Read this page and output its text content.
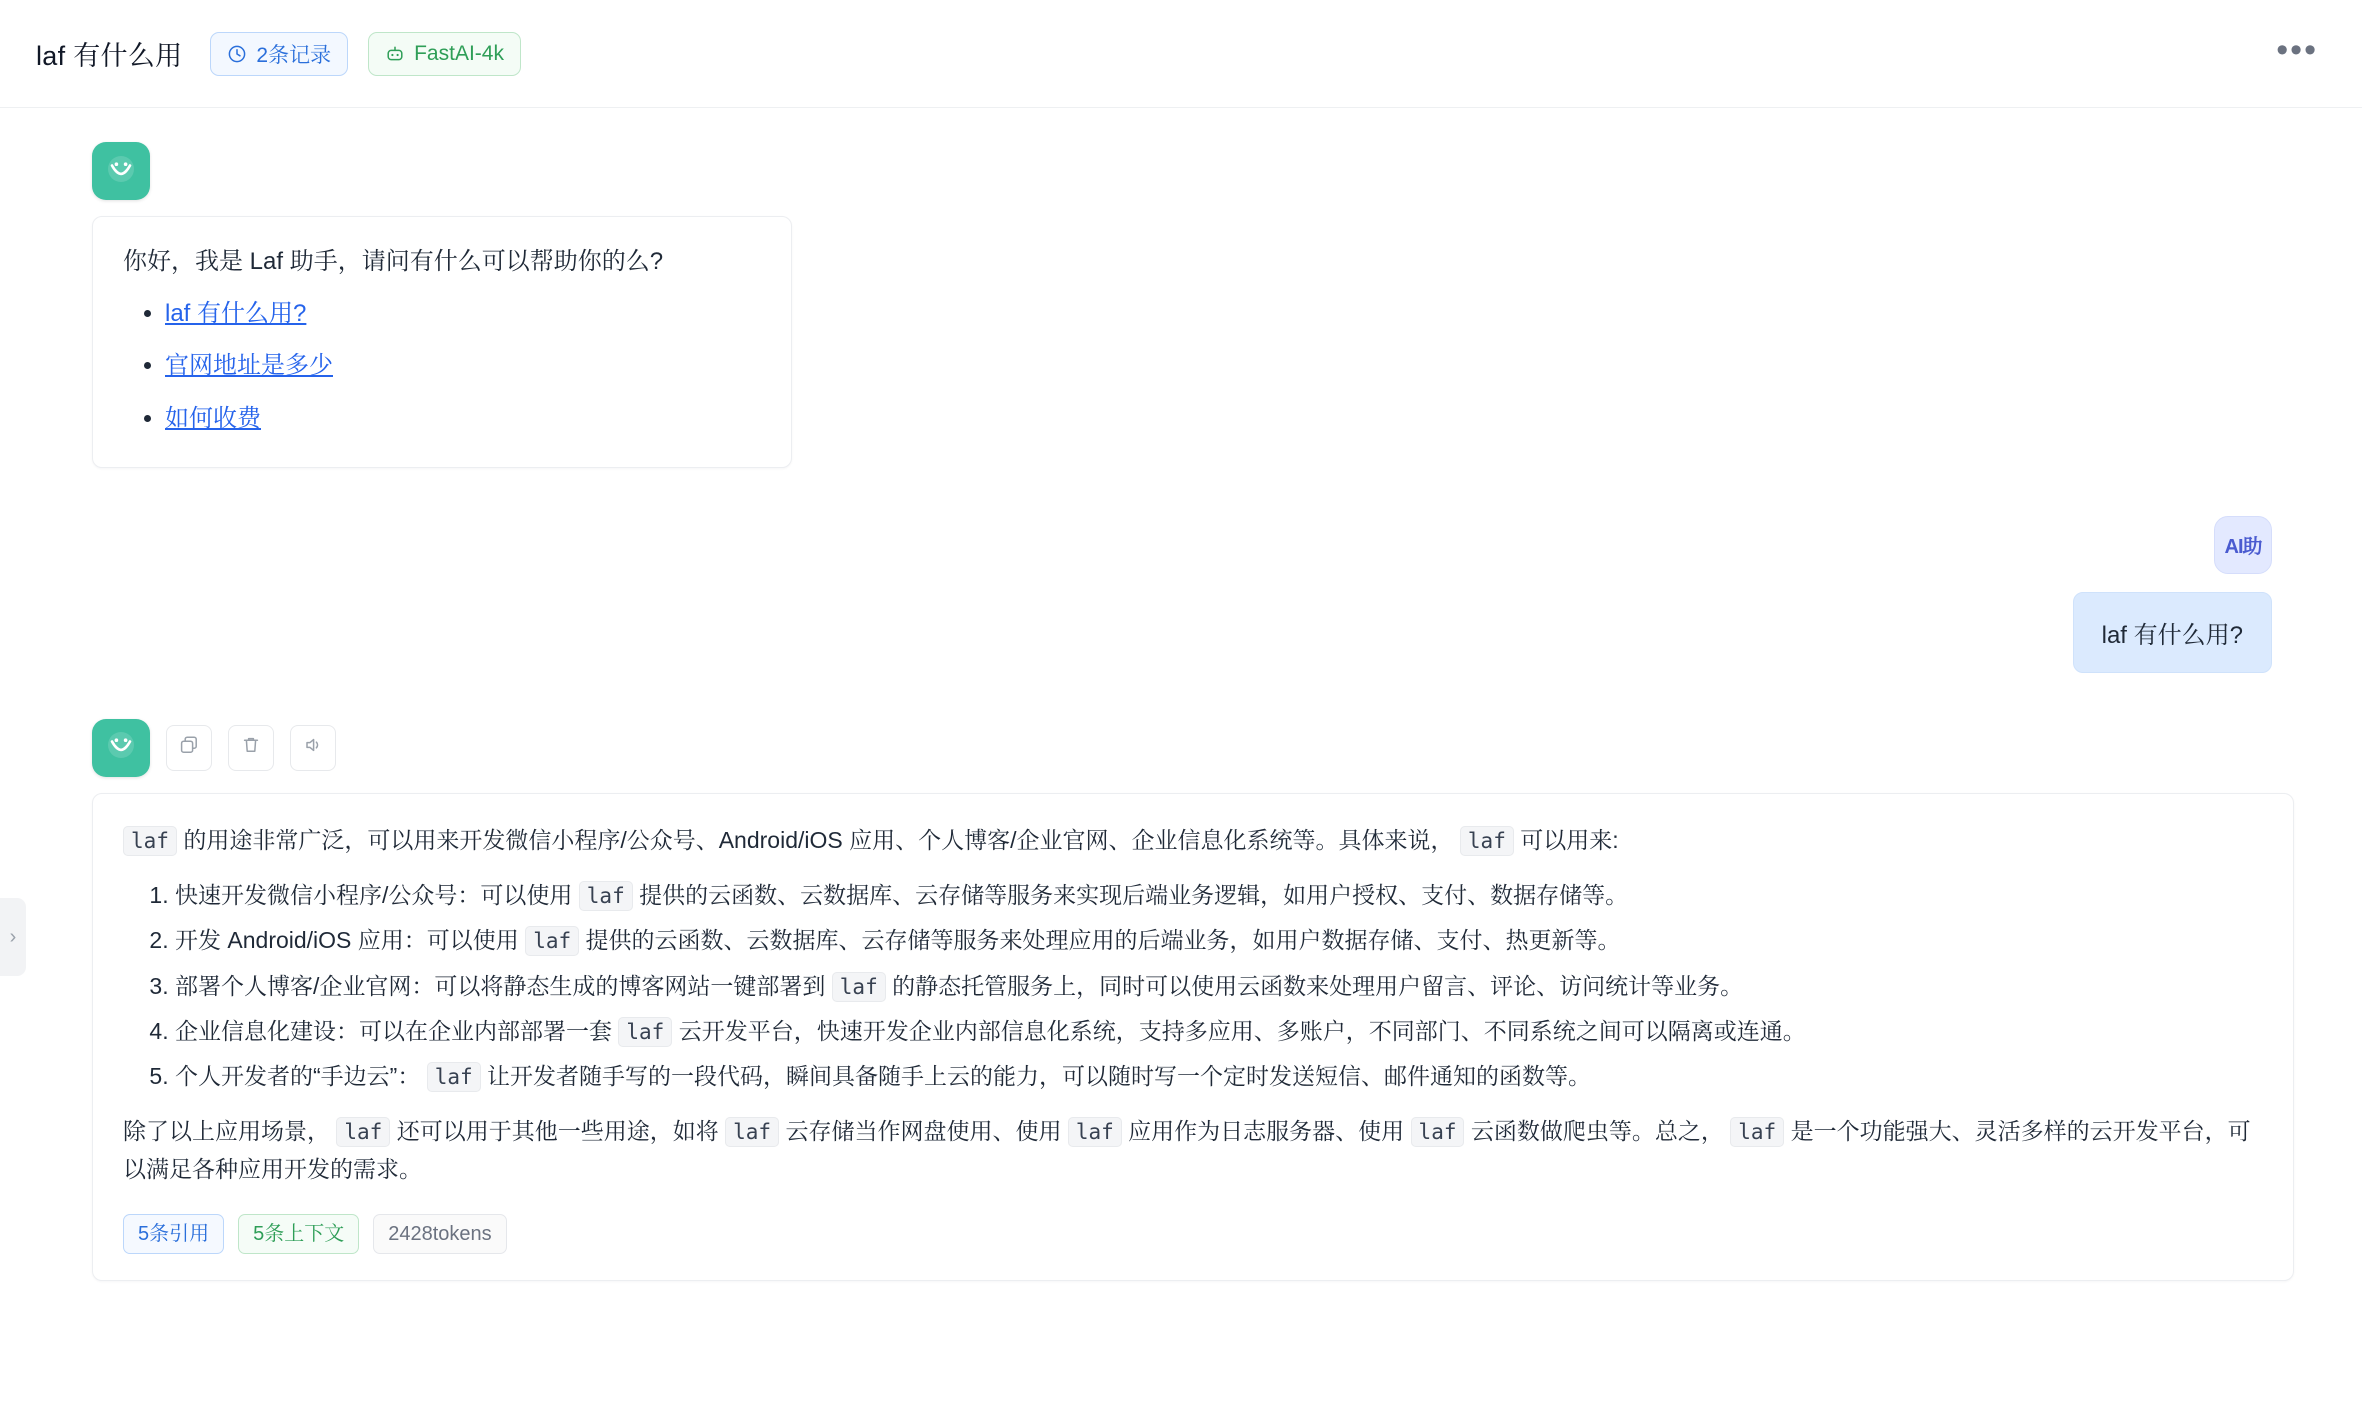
laf 有什么用	2条记录	FastAI-4k	•••
›
你好，我是 Laf 助手，请问有什么可以帮助你的么?
• laf 有什么用?
• 官网地址是多少
• 如何收费
AI助
laf 有什么用?

laf 的用途非常广泛，可以用来开发微信小程序/公众号、Android/iOS 应用、个人博客/企业官网、企业信息化系统等。具体来说， laf 可以用来:

1. 快速开发微信小程序/公众号：可以使用 laf 提供的云函数、云数据库、云存储等服务来实现后端业务逻辑，如用户授权、支付、数据存储等。
2. 开发 Android/iOS 应用：可以使用 laf 提供的云函数、云数据库、云存储等服务来处理应用的后端业务，如用户数据存储、支付、热更新等。
3. 部署个人博客/企业官网：可以将静态生成的博客网站一键部署到 laf 的静态托管服务上，同时可以使用云函数来处理用户留言、评论、访问统计等业务。
4. 企业信息化建设：可以在企业内部部署一套 laf 云开发平台，快速开发企业内部信息化系统，支持多应用、多账户，不同部门、不同系统之间可以隔离或连通。
5. 个人开发者的“手边云”： laf 让开发者随手写的一段代码，瞬间具备随手上云的能力，可以随时写一个定时发送短信、邮件通知的函数等。

除了以上应用场景， laf 还可以用于其他一些用途，如将 laf 云存储当作网盘使用、使用 laf 应用作为日志服务器、使用 laf 云函数做爬虫等。总之， laf 是一个功能强大、灵活多样的云开发平台，可以满足各种应用开发的需求。

5条引用	5条上下文	2428tokens
